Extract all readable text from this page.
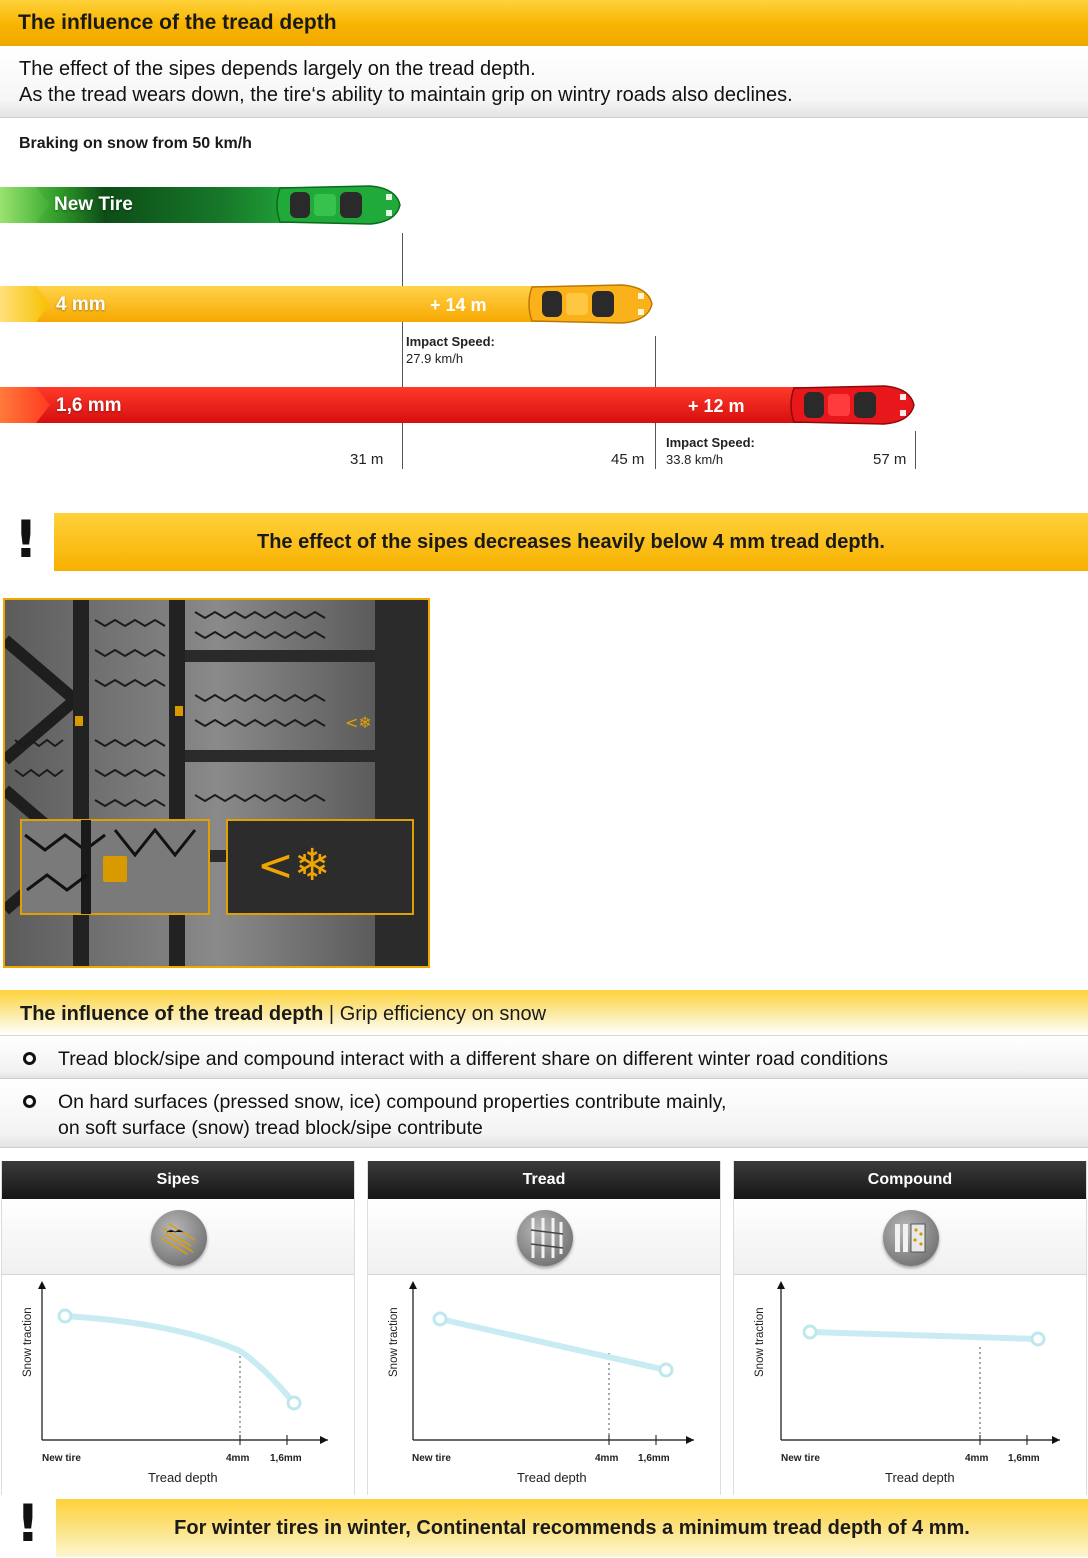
The influence of the tread depth
The effect of the sipes depends largely on the tread depth.
As the tread wears down, the tire‘s ability to maintain grip on wintry roads also declines.
Braking on snow from 50 km/h
New Tire
4 mm	+ 14 m
Impact Speed:
27.9 km/h
1,6 mm	+ 12 m
Impact Speed:
33.8 km/h
31 m	45 m	57 m
!	The effect of the sipes decreases heavily below 4 mm tread depth.
<❄
<❄
The influence of the tread depth | Grip efficiency on snow
Tread block/sipe and compound interact with a different share on different winter road conditions
On hard surfaces (pressed snow, ice) compound properties contribute mainly,
on soft surface (snow) tread block/sipe contribute
Sipes
Snow traction
New tire	4mm 1,6mm
Tread depth
Tread
Snow traction
New tire	4mm 1,6mm
Tread depth
Compound
Snow traction
New tire	4mm 1,6mm
Tread depth
!	For winter tires in winter, Continental recommends a minimum tread depth of 4 mm.
